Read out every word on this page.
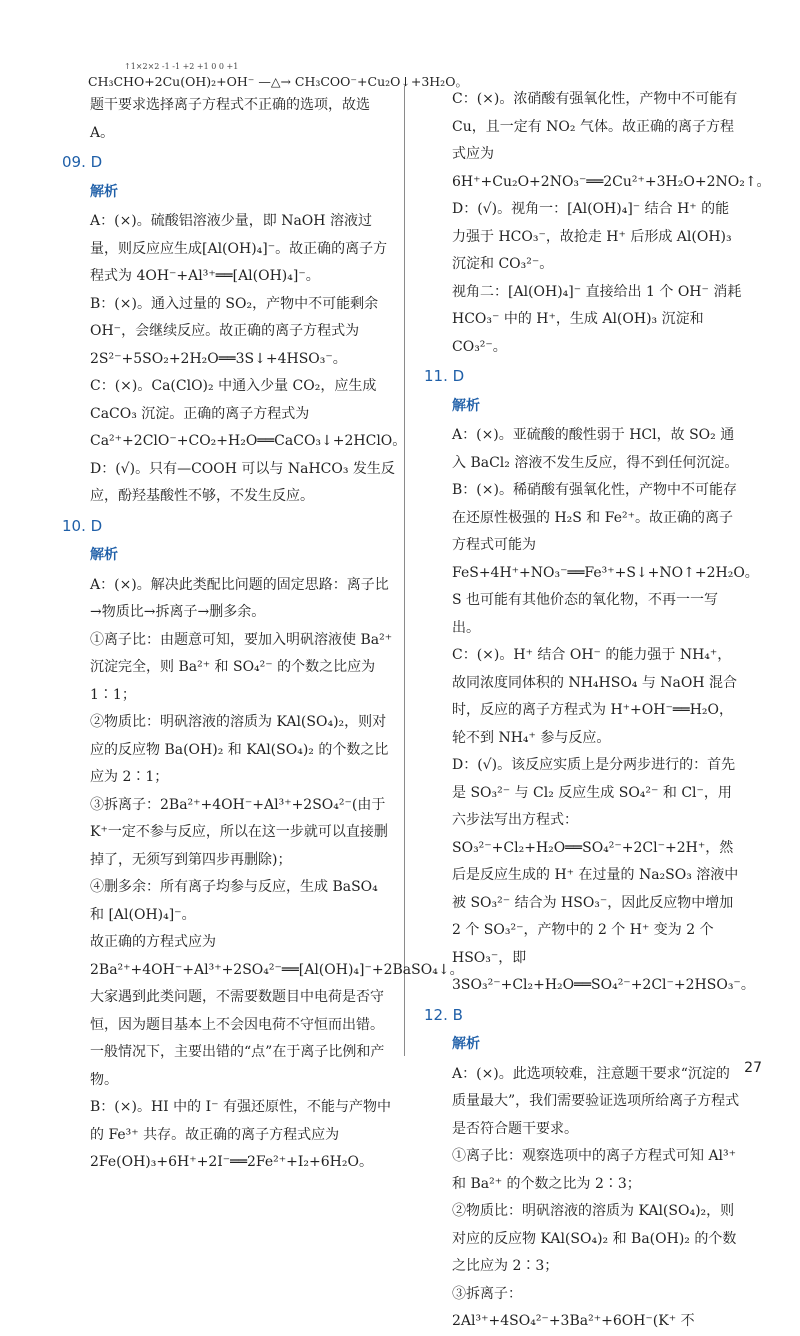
↑1×2×2 -1 -1 +2 +1 0 0 +1
CH₃CHO+2Cu(OH)₂+OH⁻ —△→ CH₃COO⁻+Cu₂O↓+3H₂O。

题干要求选择离子方程式不正确的选项，故选 A。

09. D
解析

A：(×)。硫酸铝溶液少量，即 NaOH 溶液过量，则反应应生成[Al(OH)₄]⁻。故正确的离子方程式为 4OH⁻+Al³⁺══[Al(OH)₄]⁻。

B：(×)。通入过量的 SO₂，产物中不可能剩余 OH⁻，会继续反应。故正确的离子方程式为 2S²⁻+5SO₂+2H₂O══3S↓+4HSO₃⁻。

C：(×)。Ca(ClO)₂ 中通入少量 CO₂，应生成 CaCO₃ 沉淀。正确的离子方程式为 Ca²⁺+2ClO⁻+CO₂+H₂O══CaCO₃↓+2HClO。

D：(√)。只有—COOH 可以与 NaHCO₃ 发生反应，酚羟基酸性不够，不发生反应。

10. D
解析

A：(×)。解决此类配比问题的固定思路：离子比→物质比→拆离子→删多余。

①离子比：由题意可知，要加入明矾溶液使 Ba²⁺ 沉淀完全，则 Ba²⁺ 和 SO₄²⁻ 的个数之比应为 1∶1；

②物质比：明矾溶液的溶质为 KAl(SO₄)₂，则对应的反应物 Ba(OH)₂ 和 KAl(SO₄)₂ 的个数之比应为 2∶1；

③拆离子：2Ba²⁺+4OH⁻+Al³⁺+2SO₄²⁻(由于 K⁺一定不参与反应，所以在这一步就可以直接删掉了，无须写到第四步再删除)；

④删多余：所有离子均参与反应，生成 BaSO₄ 和 [Al(OH)₄]⁻。

故正确的方程式应为 2Ba²⁺+4OH⁻+Al³⁺+2SO₄²⁻══[Al(OH)₄]⁻+2BaSO₄↓。

大家遇到此类问题，不需要数题目中电荷是否守恒，因为题目基本上不会因电荷不守恒而出错。一般情况下，主要出错的“点”在于离子比例和产物。

B：(×)。HI 中的 I⁻ 有强还原性，不能与产物中的 Fe³⁺ 共存。故正确的离子方程式应为 2Fe(OH)₃+6H⁺+2I⁻══2Fe²⁺+I₂+6H₂O。

C：(×)。浓硝酸有强氧化性，产物中不可能有 Cu，且一定有 NO₂ 气体。故正确的离子方程式应为 6H⁺+Cu₂O+2NO₃⁻══2Cu²⁺+3H₂O+2NO₂↑。

D：(√)。视角一：[Al(OH)₄]⁻ 结合 H⁺ 的能力强于 HCO₃⁻，故抢走 H⁺ 后形成 Al(OH)₃ 沉淀和 CO₃²⁻。

视角二：[Al(OH)₄]⁻ 直接给出 1 个 OH⁻ 消耗 HCO₃⁻ 中的 H⁺，生成 Al(OH)₃ 沉淀和 CO₃²⁻。

11. D
解析

A：(×)。亚硫酸的酸性弱于 HCl，故 SO₂ 通入 BaCl₂ 溶液不发生反应，得不到任何沉淀。

B：(×)。稀硝酸有强氧化性，产物中不可能存在还原性极强的 H₂S 和 Fe²⁺。故正确的离子方程式可能为 FeS+4H⁺+NO₃⁻══Fe³⁺+S↓+NO↑+2H₂O。S 也可能有其他价态的氧化物，不再一一写出。

C：(×)。H⁺ 结合 OH⁻ 的能力强于 NH₄⁺，故同浓度同体积的 NH₄HSO₄ 与 NaOH 混合时，反应的离子方程式为 H⁺+OH⁻══H₂O，轮不到 NH₄⁺ 参与反应。

D：(√)。该反应实质上是分两步进行的：首先是 SO₃²⁻ 与 Cl₂ 反应生成 SO₄²⁻ 和 Cl⁻，用六步法写出方程式：SO₃²⁻+Cl₂+H₂O══SO₄²⁻+2Cl⁻+2H⁺，然后是反应生成的 H⁺ 在过量的 Na₂SO₃ 溶液中被 SO₃²⁻ 结合为 HSO₃⁻，因此反应物中增加 2 个 SO₃²⁻，产物中的 2 个 H⁺ 变为 2 个 HSO₃⁻，即 3SO₃²⁻+Cl₂+H₂O══SO₄²⁻+2Cl⁻+2HSO₃⁻。

12. B
解析

A：(×)。此选项较难，注意题干要求“沉淀的质量最大”，我们需要验证选项所给离子方程式是否符合题干要求。

①离子比：观察选项中的离子方程式可知 Al³⁺ 和 Ba²⁺ 的个数之比为 2∶3；

②物质比：明矾溶液的溶质为 KAl(SO₄)₂，则对应的反应物 KAl(SO₄)₂ 和 Ba(OH)₂ 的个数之比应为 2∶3；

③拆离子：2Al³⁺+4SO₄²⁻+3Ba²⁺+6OH⁻(K⁺ 不

27
